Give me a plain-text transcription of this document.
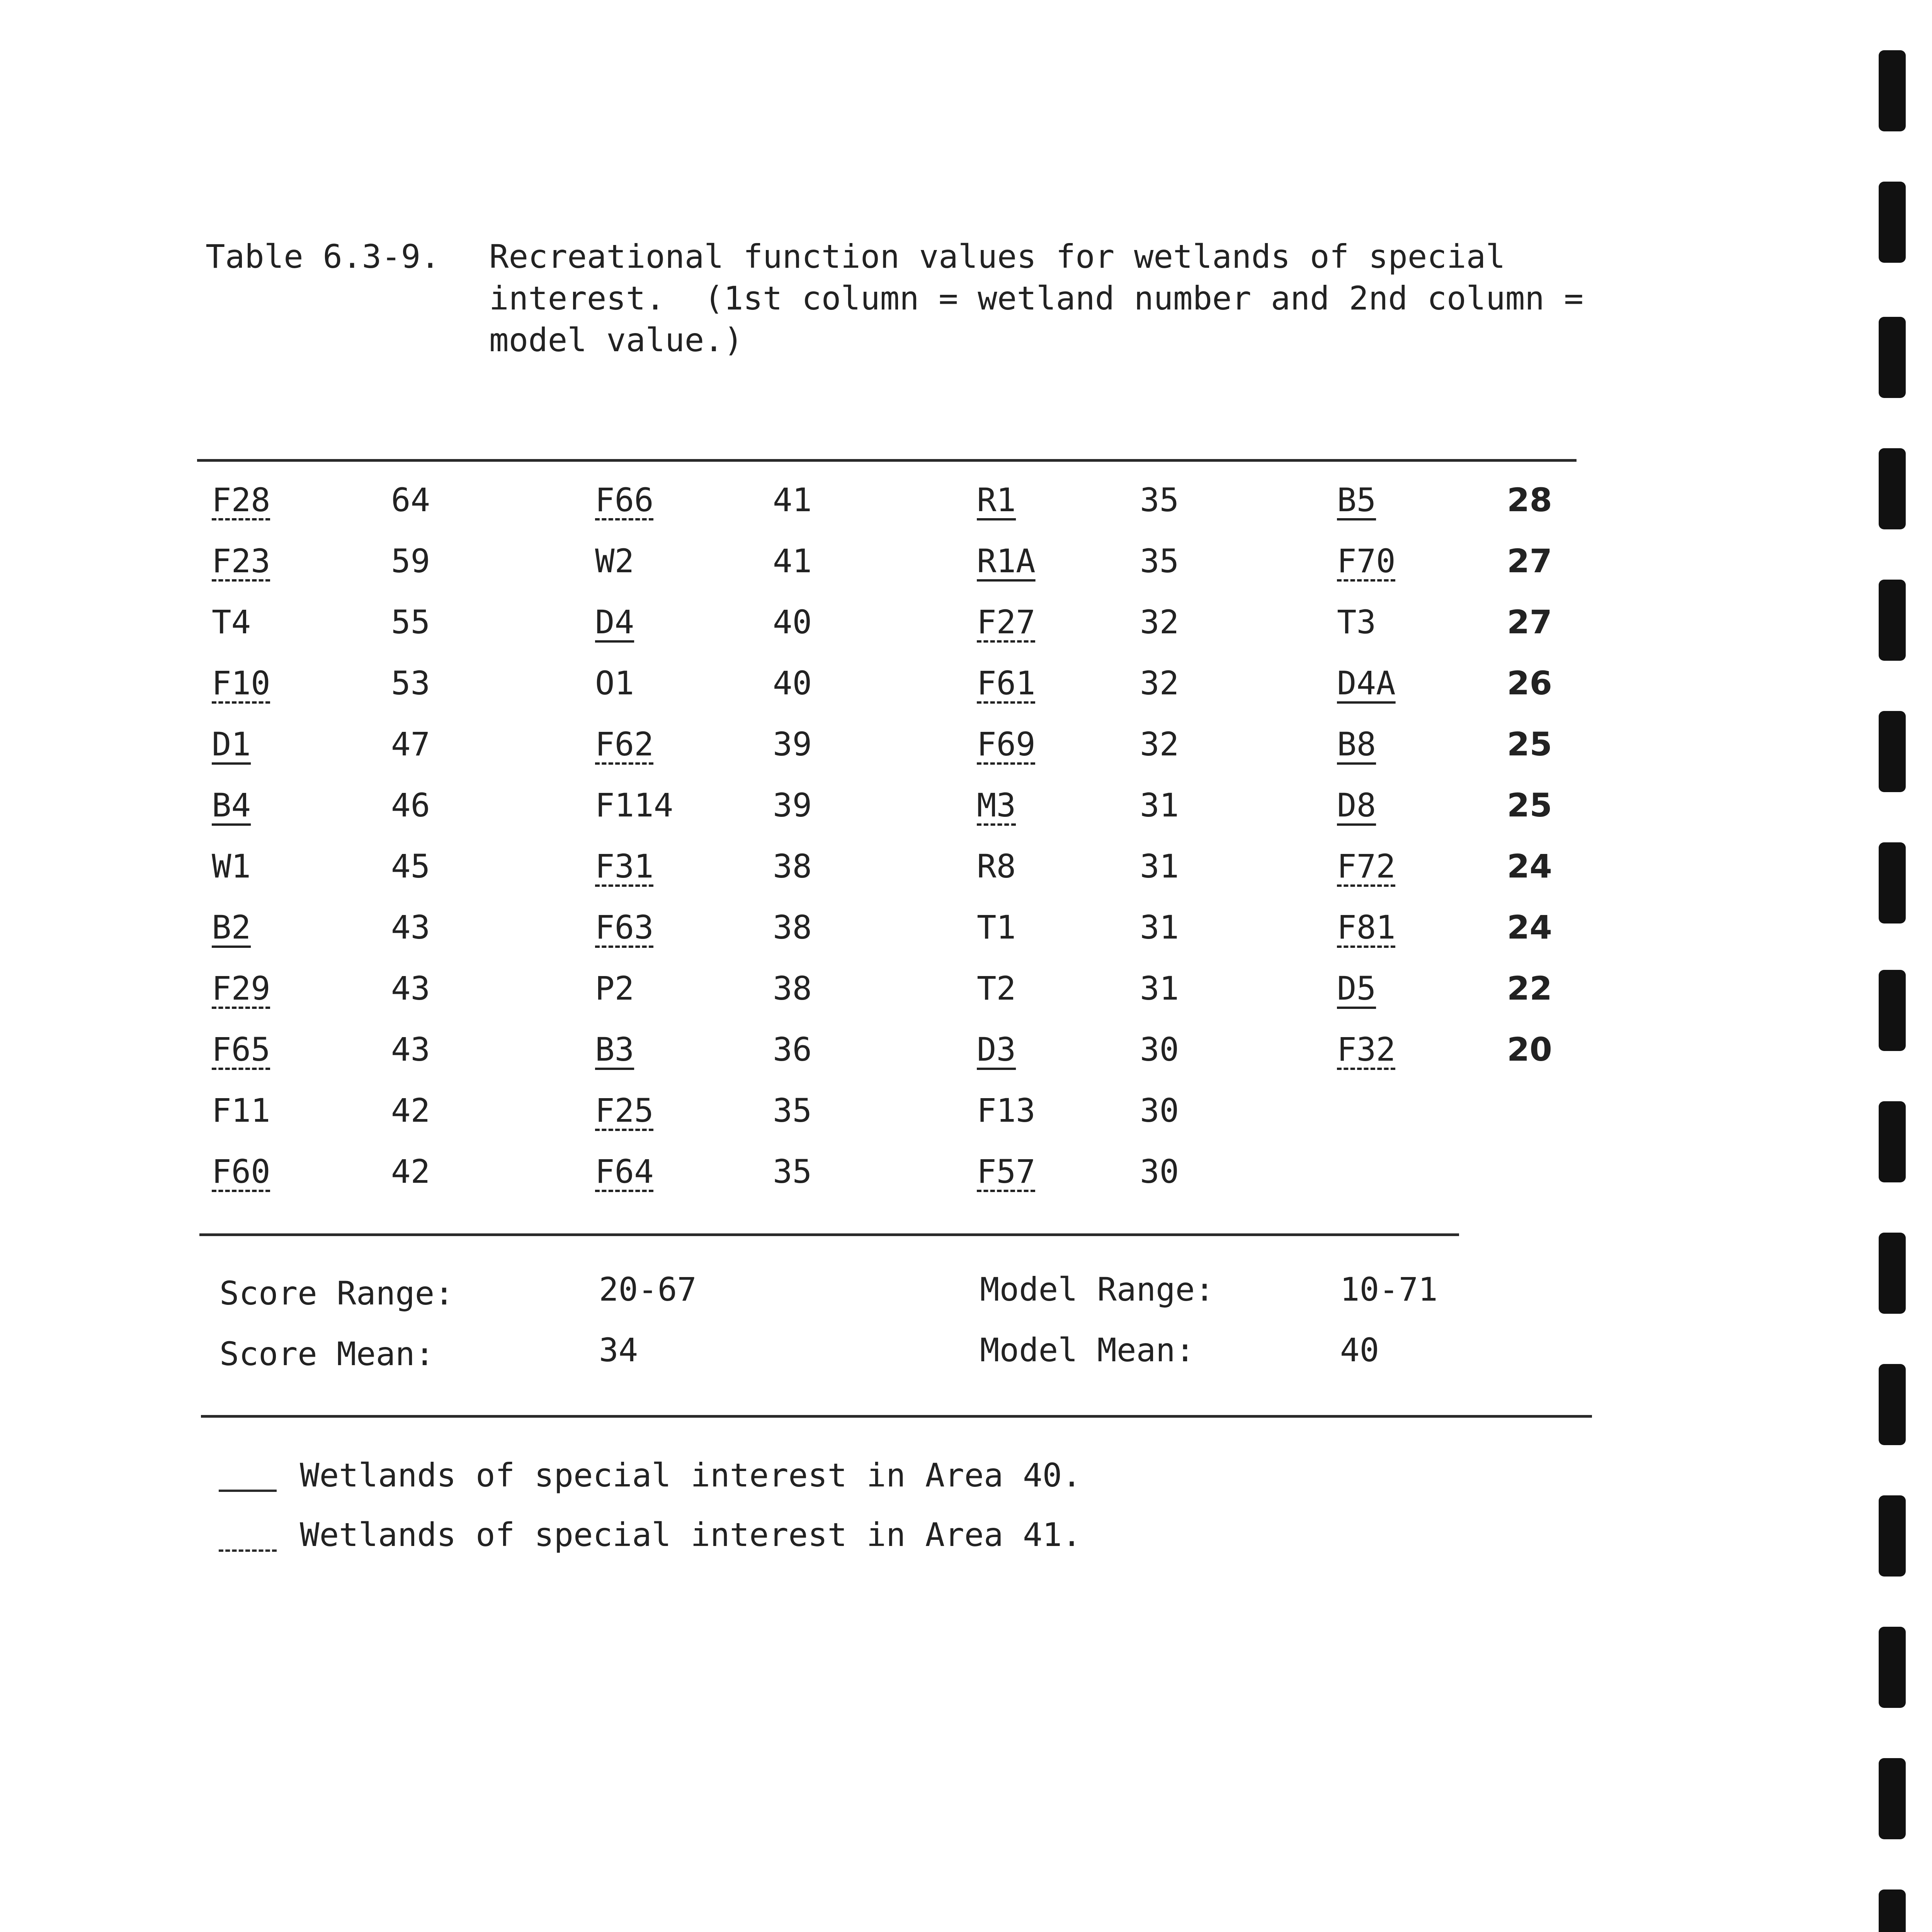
Table 6.3-9. Recreational function values for wetlands of special
interest.  (1st column = wetland number and 2nd column =
model value.)
F28	64
F23	59
T4	55
F10	53
D1	47
B4	46
W1	45
B2	43
F29	43
F65	43
F11	42
F60	42
F66	41
W2	41
D4	40
O1	40
F62	39
F114	39
F31	38
F63	38
P2	38
B3	36
F25	35
F64	35
R1	35
R1A	35
F27	32
F61	32
F69	32
M3	31
R8	31
T1	31
T2	31
D3	30
F13	30
F57	30
B5	28
F70	27
T3	27
D4A	26
B8	25
D8	25
F72	24
F81	24
D5	22
F32	20
Score Range:	20-67
Score Mean:	34
Model Range:	10-71
Model Mean:	40
Wetlands of special interest in Area 40.
Wetlands of special interest in Area 41.
